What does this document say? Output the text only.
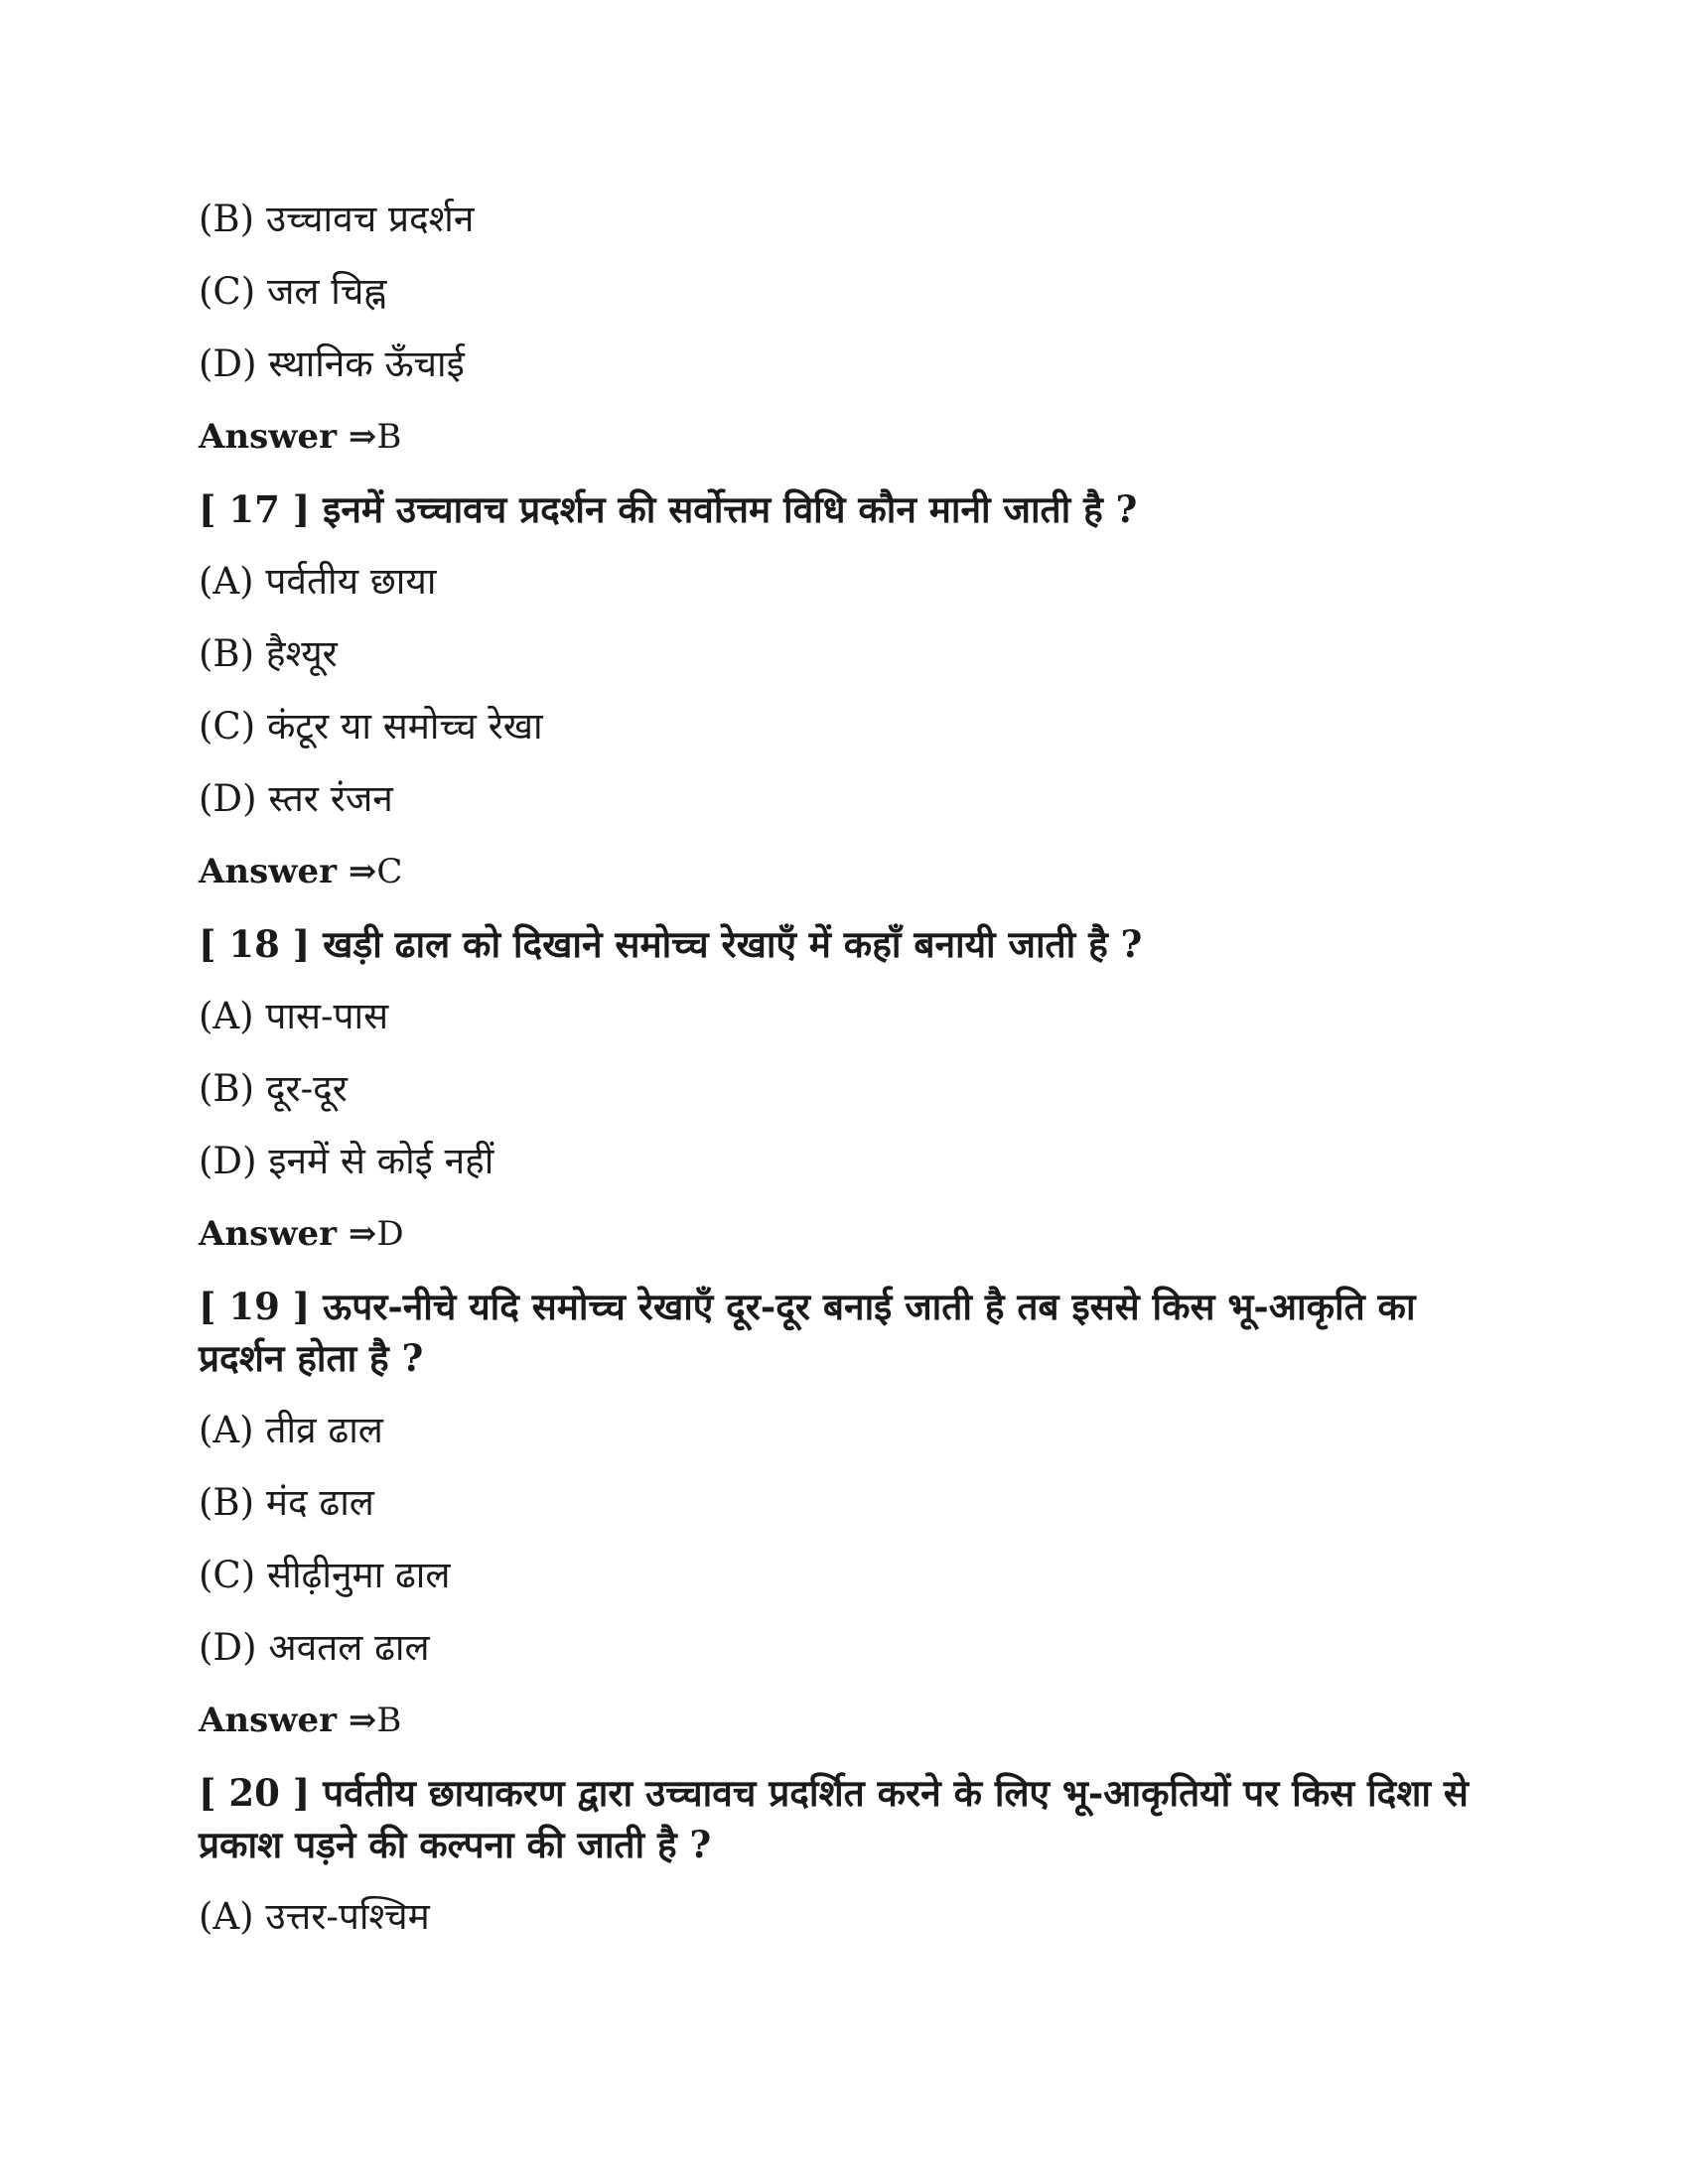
(B) उच्चावच प्रदर्शन
(C) जल चिह्न
(D) स्थानिक ऊँचाई
Answer ⇒B
[ 17 ] इनमें उच्चावच प्रदर्शन की सर्वोत्तम विधि कौन मानी जाती है ?
(A) पर्वतीय छाया
(B) हैश्यूर
(C) कंटूर या समोच्च रेखा
(D) स्तर रंजन
Answer ⇒C
[ 18 ] खड़ी ढाल को दिखाने समोच्च रेखाएँ में कहाँ बनायी जाती है ?
(A) पास-पास
(B) दूर-दूर
(D) इनमें से कोई नहीं
Answer ⇒D
[ 19 ] ऊपर-नीचे यदि समोच्च रेखाएँ दूर-दूर बनाई जाती है तब इससे किस भू-आकृति का प्रदर्शन होता है ?
(A) तीव्र ढाल
(B) मंद ढाल
(C) सीढ़ीनुमा ढाल
(D) अवतल ढाल
Answer ⇒B
[ 20 ] पर्वतीय छायाकरण द्वारा उच्चावच प्रदर्शित करने के लिए भू-आकृतियों पर किस दिशा से प्रकाश पड़ने की कल्पना की जाती है ?
(A) उत्तर-पश्चिम
